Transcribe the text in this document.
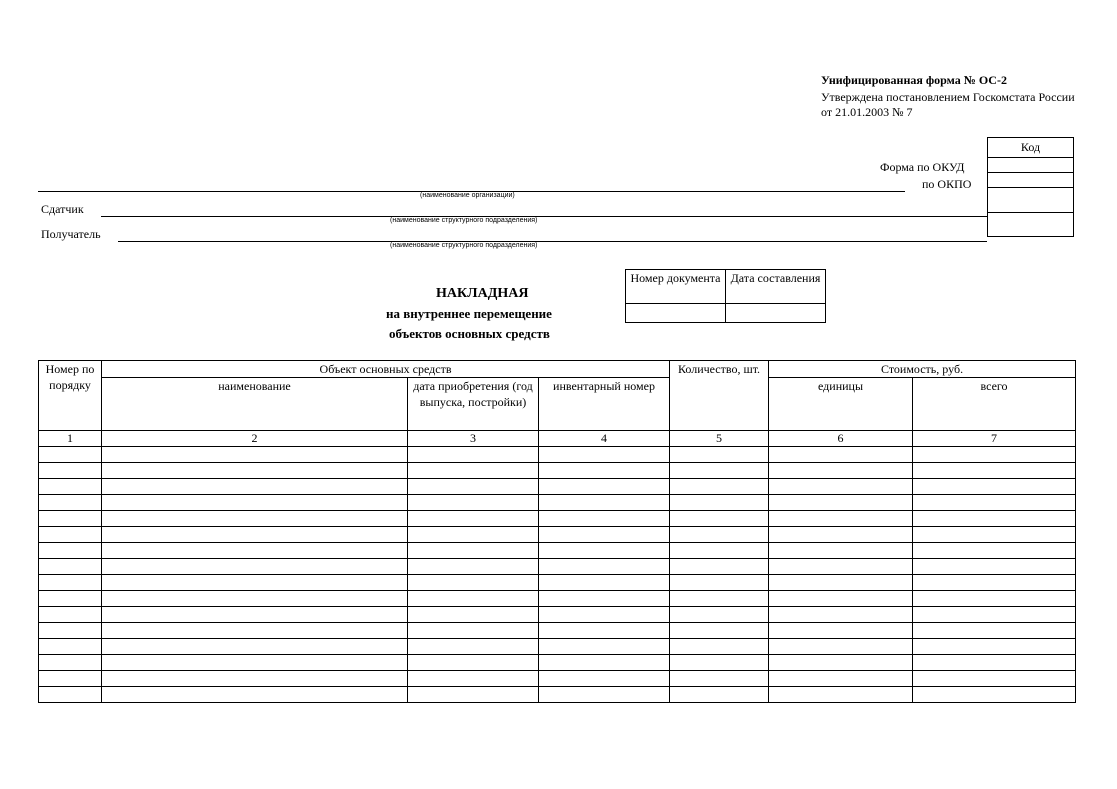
Унифицированная форма № ОС-2
Утверждена постановлением Госкомстата России
от 21.01.2003 № 7
Код

Форма по ОКУД
по ОКПО
(наименование организации)
Сдатчик
(наименование структурного подразделения)
Получатель
(наименование структурного подразделения)
НАКЛАДНАЯ
на внутреннее перемещение
объектов основных средств
Номер документа	Дата составления

Номер по порядку	Объект основных средств			Количество, шт.	Стоимость, руб.	
	наименование	дата приобретения (год выпуска, постройки)	инвентарный номер		единицы	всего
1	2	3	4	5	6	7
